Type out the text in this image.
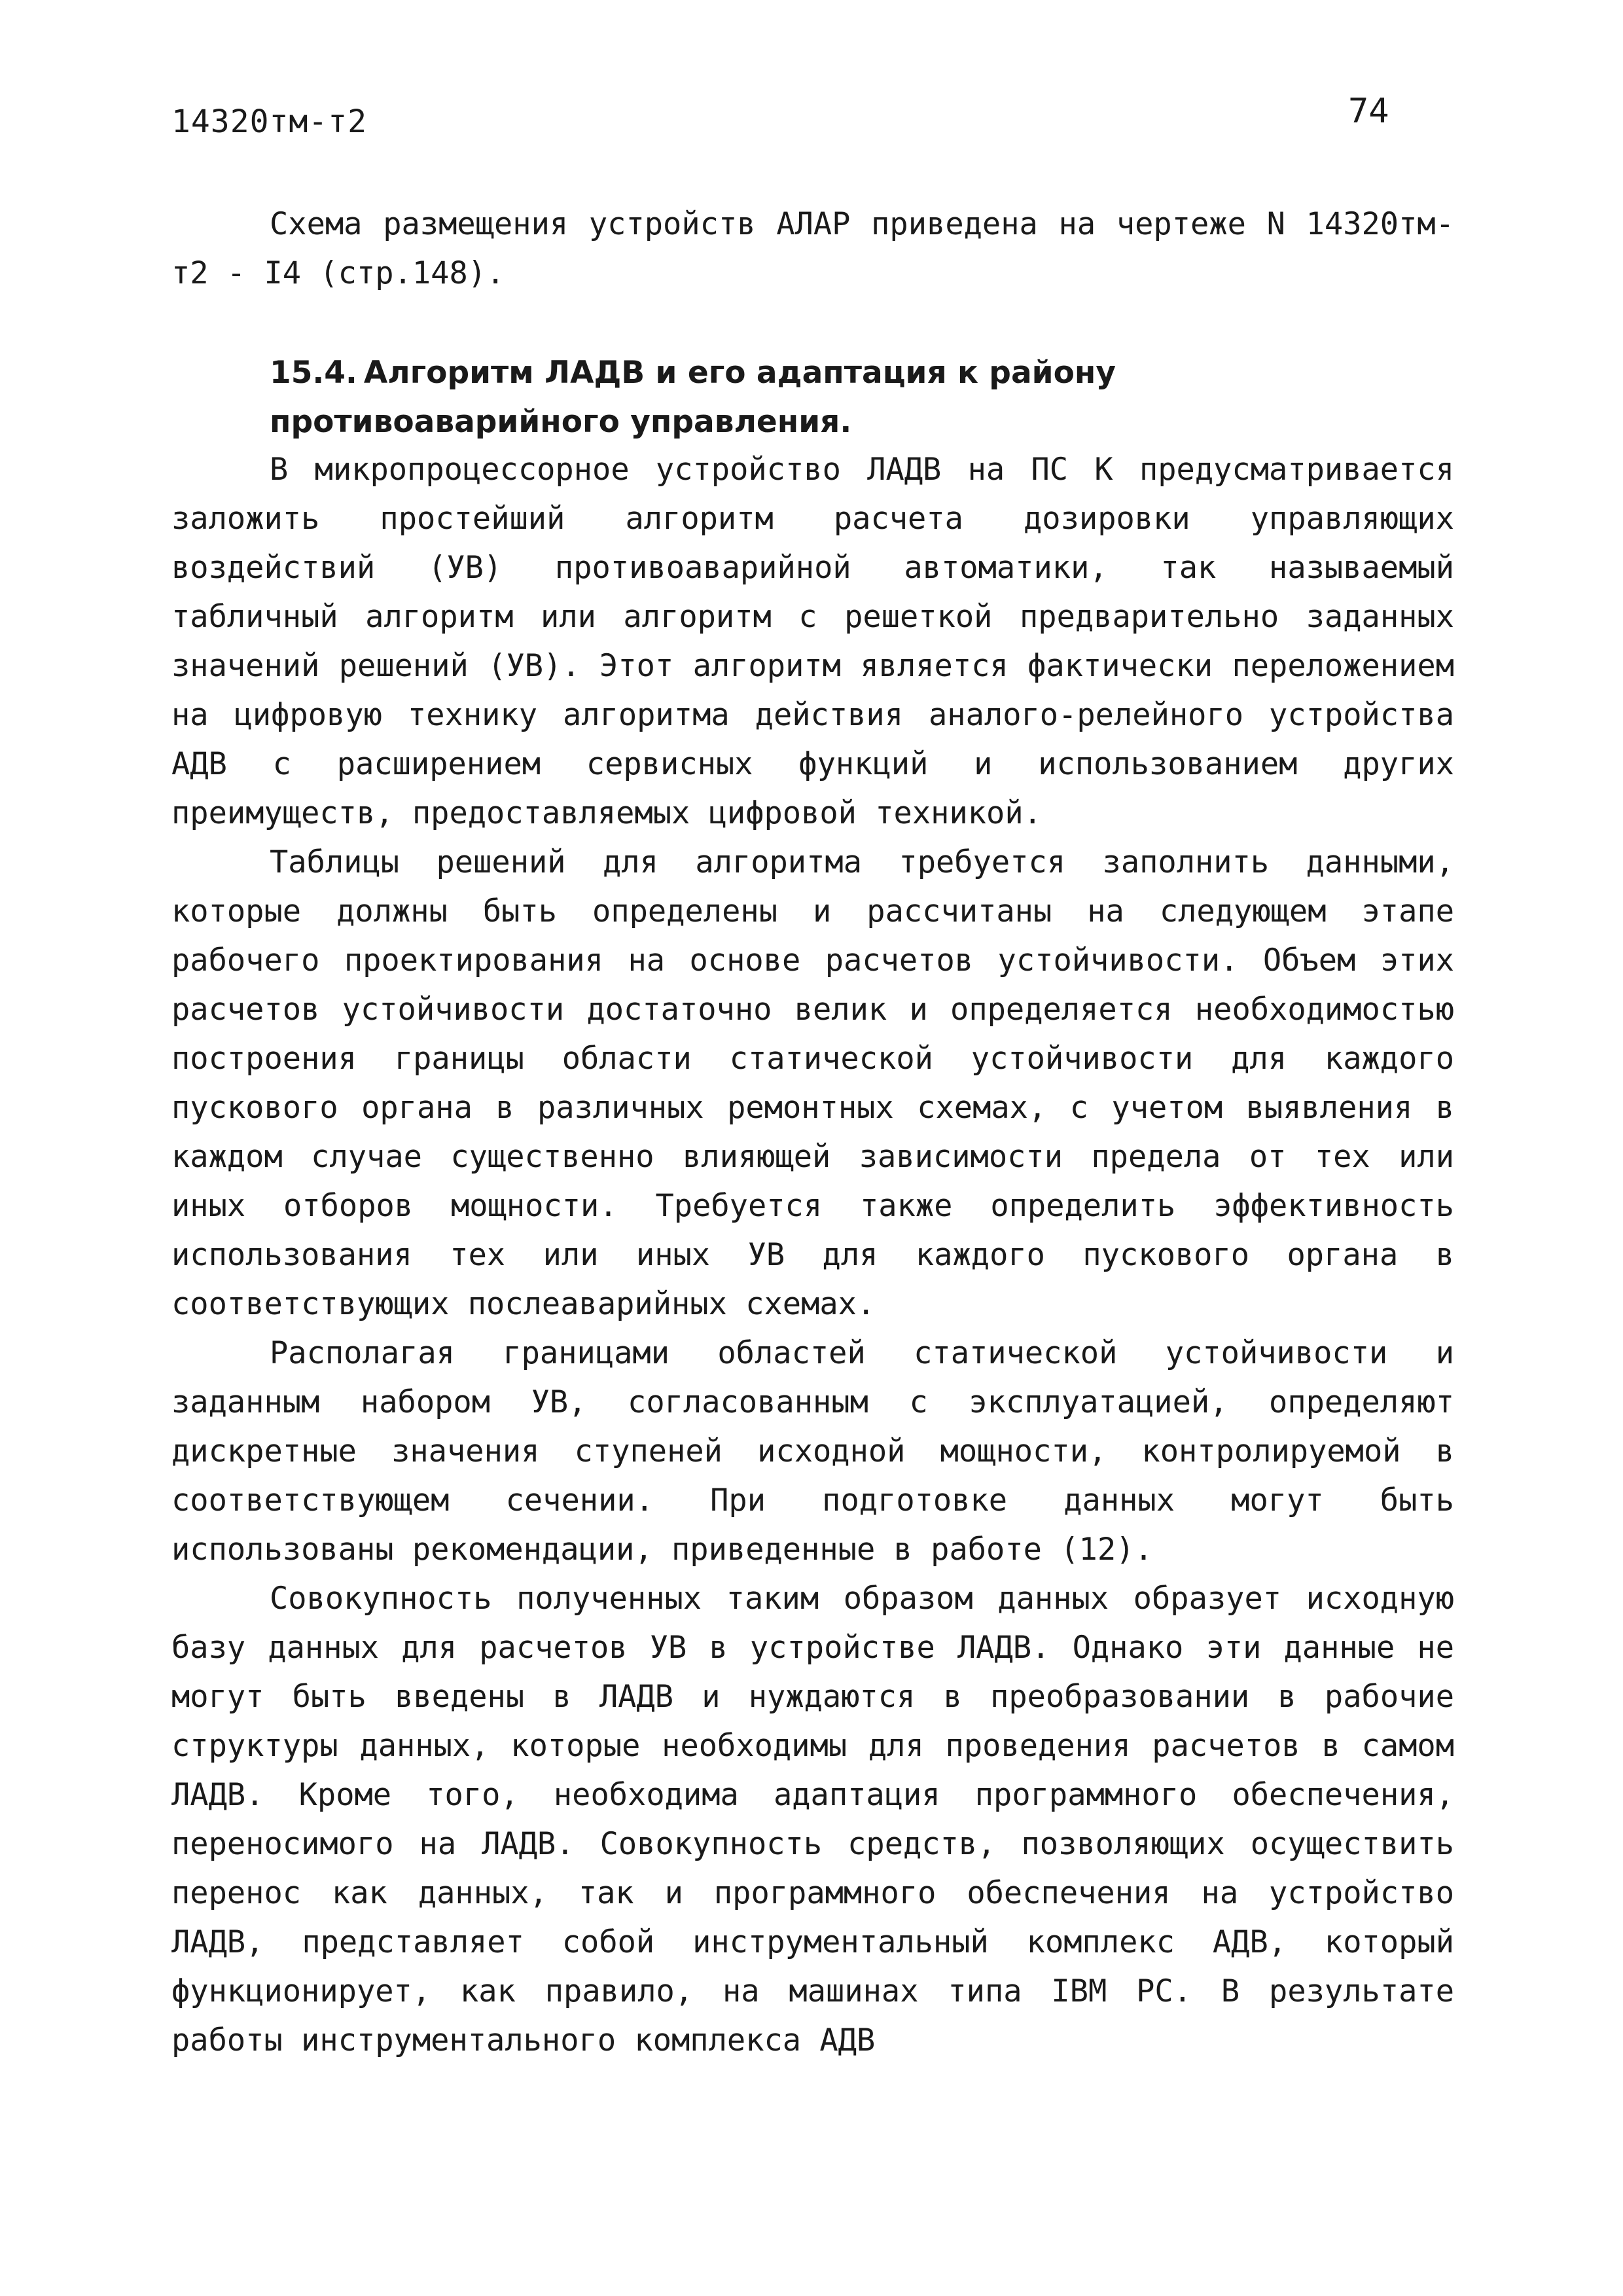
14320тм-т2	74

Схема размещения устройств АЛАР приведена на чертеже N 14320тм-т2 - I4 (стр.148).

15.4. Алгоритм ЛАДВ и его адаптация к району противоаварийного управления.

В микропроцессорное устройство ЛАДВ на ПС К предусматривается заложить простейший алгоритм расчета дозировки управляющих воздействий (УВ) противоаварийной автоматики, так называемый табличный алгоритм или алгоритм с решеткой предварительно заданных значений решений (УВ). Этот алгоритм является фактически переложением на цифровую технику алгоритма действия аналого-релейного устройства АДВ с расширением сервисных функций и использованием других преимуществ, предоставляемых цифровой техникой.

Таблицы решений для алгоритма требуется заполнить данными, которые должны быть определены и рассчитаны на следующем этапе рабочего проектирования на основе расчетов устойчивости. Объем этих расчетов устойчивости достаточно велик и определяется необходимостью построения границы области статической устойчивости для каждого пускового органа в различных ремонтных схемах, с учетом выявления в каждом случае существенно влияющей зависимости предела от тех или иных отборов мощности. Требуется также определить эффективность использования тех или иных УВ для каждого пускового органа в соответствующих послеаварийных схемах.

Располагая границами областей статической устойчивости и заданным набором УВ, согласованным с эксплуатацией, определяют дискретные значения ступеней исходной мощности, контролируемой в соответствующем сечении. При подготовке данных могут быть использованы рекомендации, приведенные в работе (12).

Совокупность полученных таким образом данных образует исходную базу данных для расчетов УВ в устройстве ЛАДВ. Однако эти данные не могут быть введены в ЛАДВ и нуждаются в преобразовании в рабочие структуры данных, которые необходимы для проведения расчетов в самом ЛАДВ. Кроме того, необходима адаптация программного обеспечения, переносимого на ЛАДВ. Совокупность средств, позволяющих осуществить перенос как данных, так и программного обеспечения на устройство ЛАДВ, представляет собой инструментальный комплекс АДВ, который функционирует, как правило, на машинах типа IBM PC. В результате работы инструментального комплекса АДВ
